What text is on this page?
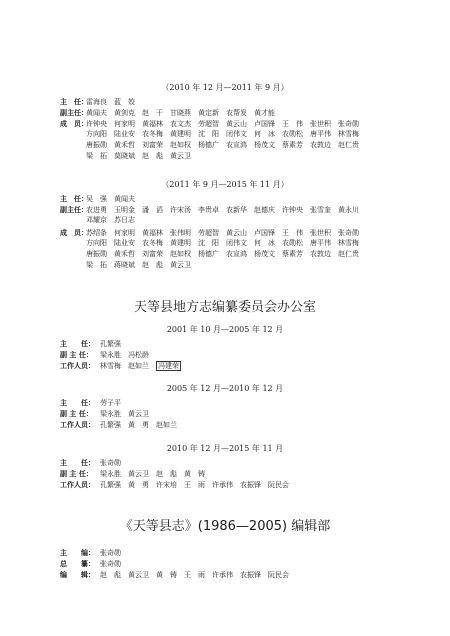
（2010 年 12 月—2011 年 9 月）
主　任：雷海良　蓝　姣
副主任：黄闻夫　黄剑克　赵　干　甘晓燕　黄定新　农帮发　黄才能
成　员：许钟央　何家明　黄福林　农文杰　劳超智　黄云山　卢国锋　王　伟　张世积　张奇勋
方向阳　陆业安　农冬梅　黄建明　沈　阳　闭伟文　何　冰　农勋松　唐平伟　林雪梅
唐振勋　黄禾哲　刘富荣　赵如权　杨德广　农宣鸿　杨茂文　蔡素芳　农敦边　赵仁贵
梁　拓　莫晓斌　赵　彪　黄云卫
（2011 年 9 月—2015 年 11 月）
主　任：吴　强　黄闻夫
副主任：农进勇　玉明金　潘　滔　许宋汤　李贵卓　农新华　赵德庆　许钟央　张雪奎　黄永川
邓耀京　苏日志
成　员：苏绍条　何家明　黄福林　张伟明　劳超智　黄云山　卢国锋　王　伟　张世积　张奇勋
方向阳　陆业安　农冬梅　黄建明　沈　阳　闭伟文　何　冰　农勋松　唐平伟　林雪梅
唐振勋　黄禾哲　刘富荣　赵如权　杨德广　农宣鸿　杨茂文　蔡素芳　农敦边　赵仁贵
梁　拓　蒋晓斌　赵　彪　黄云卫
天等县地方志编纂委员会办公室
2001 年 10 月—2005 年 12 月
主　　任： 孔繁强
副 主 任： 梁永胜　冯松龄
工作人员： 林雪梅　赵如兰　冯建荣
2005 年 12 月—2010 年 12 月
主　　任： 劳子平
副 主 任： 梁永胜　黄云卫
工作人员： 孔繁强　黄　勇　赵如兰
2010 年 12 月—2015 年 11 月
主　　任： 张奇勋
副 主 任： 梁永胜　黄云卫　赵　彪　黄　铸
工作人员： 孔繁强　黄　勇　许宋培　王　雨　许承伟　农振锋　阮民会
《天等县志》(1986—2005) 编辑部
主　　编： 张奇勋
总　　纂： 张奇勋
编　　辑： 赵　彪　黄云卫　黄　铸　王　雨　许承伟　农振锋　阮民会
